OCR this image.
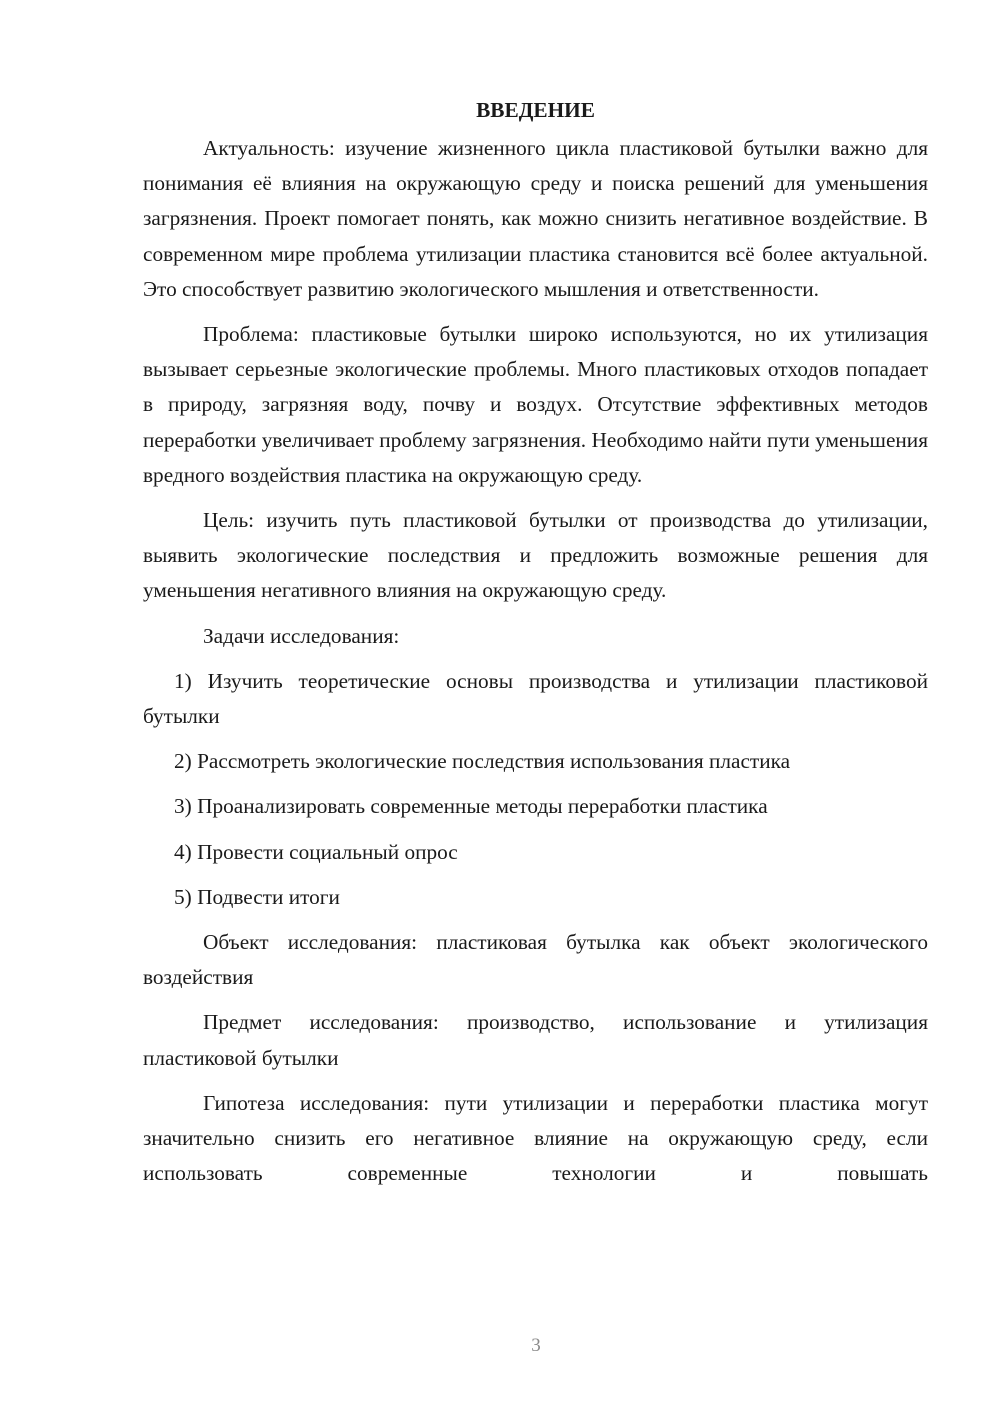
ВВЕДЕНИЕ

Актуальность: изучение жизненного цикла пластиковой бутылки важно для понимания её влияния на окружающую среду и поиска решений для уменьшения загрязнения. Проект помогает понять, как можно снизить негативное воздействие. В современном мире проблема утилизации пластика становится всё более актуальной. Это способствует развитию экологического мышления и ответственности.

Проблема: пластиковые бутылки широко используются, но их утилизация вызывает серьезные экологические проблемы. Много пластиковых отходов попадает в природу, загрязняя воду, почву и воздух. Отсутствие эффективных методов переработки увеличивает проблему загрязнения. Необходимо найти пути уменьшения вредного воздействия пластика на окружающую среду.

Цель: изучить путь пластиковой бутылки от производства до утилизации, выявить экологические последствия и предложить возможные решения для уменьшения негативного влияния на окружающую среду.

Задачи исследования:

1) Изучить теоретические основы производства и утилизации пластиковой бутылки

2) Рассмотреть экологические последствия использования пластика

3) Проанализировать современные методы переработки пластика

4) Провести социальный опрос

5) Подвести итоги

Объект исследования: пластиковая бутылка как объект экологического воздействия

Предмет исследования: производство, использование и утилизация пластиковой бутылки

Гипотеза исследования: пути утилизации и переработки пластика могут значительно снизить его негативное влияние на окружающую среду, если использовать современные технологии и повышать

3
